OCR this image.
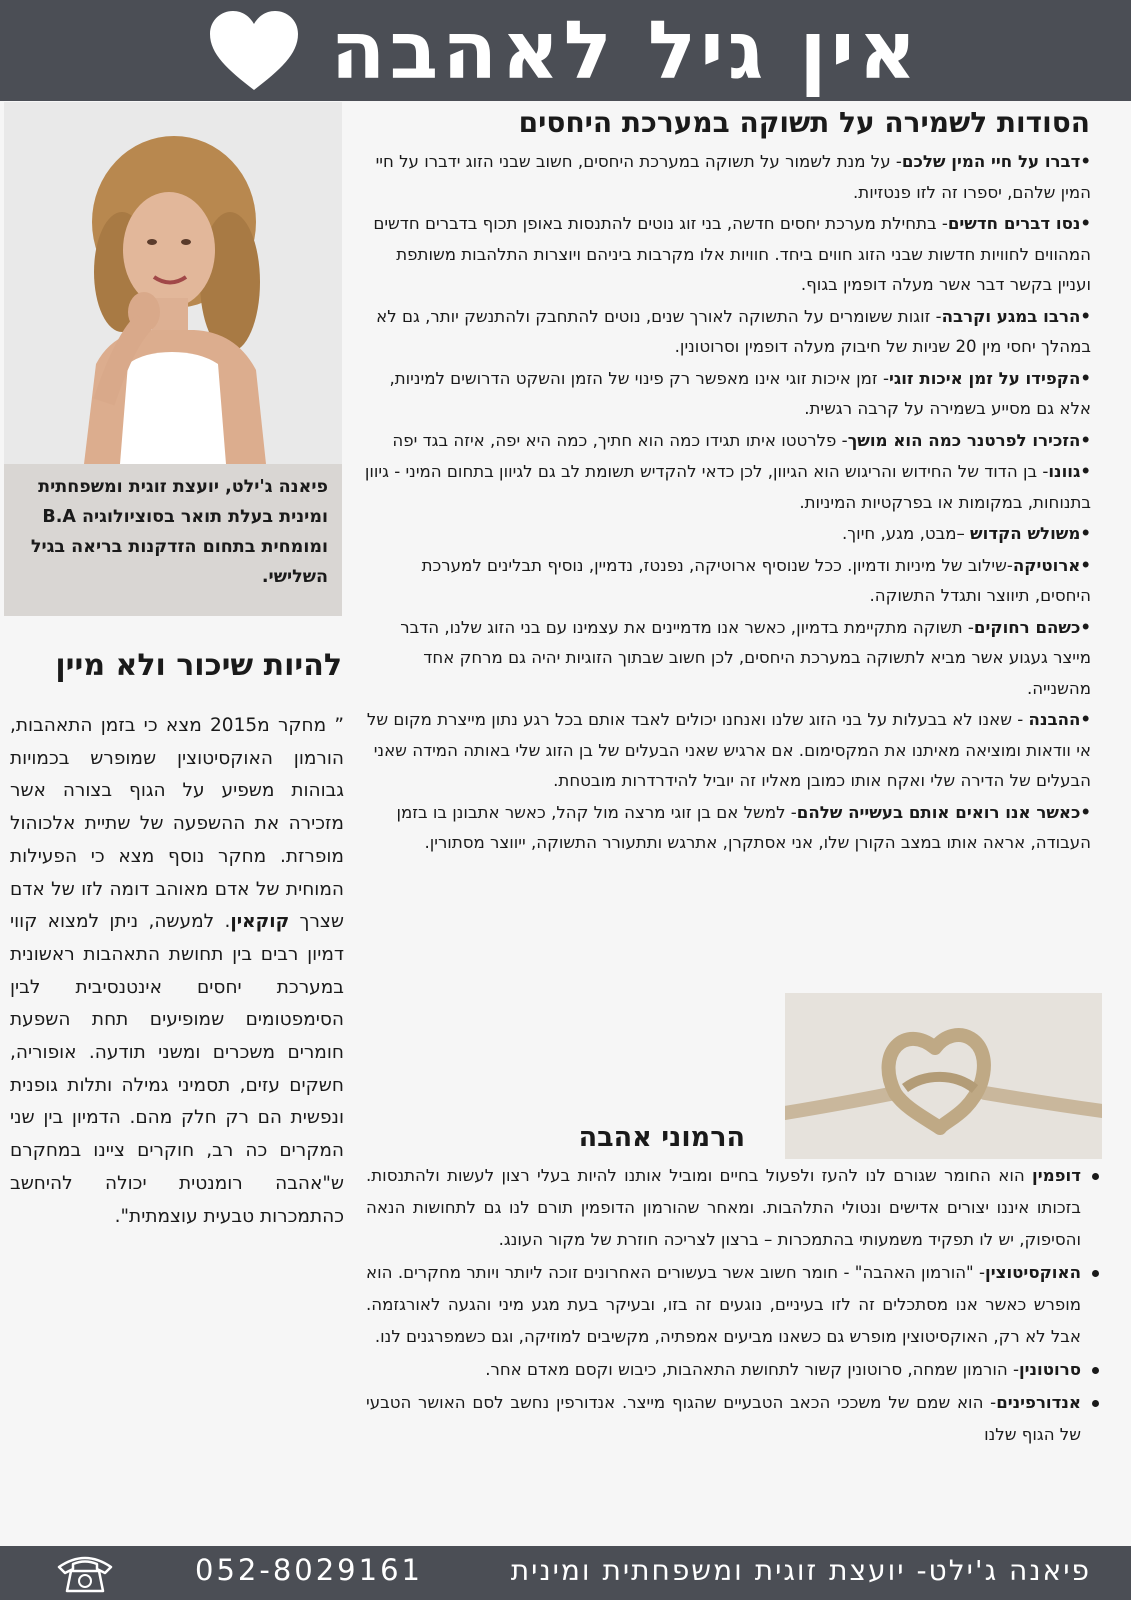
אין גיל לאהבה
פיאנה ג'ילט, יועצת זוגית ומשפחתית ומינית בעלת תואר בסוציולוגיה B.A ומומחית בתחום הזדקנות בריאה בגיל השלישי.
להיות שיכור ולא מיין
” מחקר מ2015 מצא כי בזמן התאהבות, הורמון האוקסיטוצין שמופרש בכמויות גבוהות משפיע על הגוף בצורה אשר מזכירה את ההשפעה של שתיית אלכוהול מופרזת. מחקר נוסף מצא כי הפעילות המוחית של אדם מאוהב דומה לזו של אדם שצרך קוקאין. למעשה, ניתן למצוא קווי דמיון רבים בין תחושת התאהבות ראשונית במערכת יחסים אינטנסיבית לבין הסימפטומים שמופיעים תחת השפעת חומרים משכרים ומשני תודעה. אופוריה, חשקים עזים, תסמיני גמילה ותלות גופנית ונפשית הם רק חלק מהם. הדמיון בין שני המקרים כה רב, חוקרים ציינו במחקרם ש"אהבה רומנטית יכולה להיחשב כהתמכרות טבעית עוצמתית".
הסודות לשמירה על תשוקה במערכת היחסים

•דברו על חיי המין שלכם- על מנת לשמור על תשוקה במערכת היחסים, חשוב שבני הזוג ידברו על חיי המין שלהם, יספרו זה לזו פנטזיות.

•נסו דברים חדשים- בתחילת מערכת יחסים חדשה, בני זוג נוטים להתנסות באופן תכוף בדברים חדשים המהווים לחוויות חדשות שבני הזוג חווים ביחד. חוויות אלו מקרבות ביניהם ויוצרות התלהבות משותפת ועניין בקשר דבר אשר מעלה דופמין בגוף.

•הרבו במגע וקרבה- זוגות ששומרים על התשוקה לאורך שנים, נוטים להתחבק ולהתנשק יותר, גם לא במהלך יחסי מין 20 שניות של חיבוק מעלה דופמין וסרוטונין.

•הקפידו על זמן איכות זוגי- זמן איכות זוגי אינו מאפשר רק פינוי של הזמן והשקט הדרושים למיניות, אלא גם מסייע בשמירה על קרבה רגשית.

•הזכירו לפרטנר כמה הוא מושך- פלרטטו איתו תגידו כמה הוא חתיך, כמה היא יפה, איזה בגד יפה

•גוונו- בן הדוד של החידוש והריגוש הוא הגיוון, לכן כדאי להקדיש תשומת לב גם לגיוון בתחום המיני - גיוון בתנוחות, במקומות או בפרקטיות המיניות.

•משולש הקדוש –מבט, מגע, חיוך.

•ארוטיקה-שילוב של מיניות ודמיון. ככל שנוסיף ארוטיקה, נפנטז, נדמיין, נוסיף תבלינים למערכת היחסים, תיווצר ותגדל התשוקה.

•כשהם רחוקים- תשוקה מתקיימת בדמיון, כאשר אנו מדמיינים את עצמינו עם בני הזוג שלנו, הדבר מייצר געגוע אשר מביא לתשוקה במערכת היחסים, לכן חשוב שבתוך הזוגיות יהיה גם מרחק אחד מהשנייה.

•ההבנה - שאנו לא בבעלות על בני הזוג שלנו ואנחנו יכולים לאבד אותם בכל רגע נתון מייצרת מקום של אי וודאות ומוציאה מאיתנו את המקסימום. אם ארגיש שאני הבעלים של בן הזוג שלי באותה המידה שאני הבעלים של הדירה שלי ואקח אותו כמובן מאליו זה יוביל להידרדרות מובטחת.

•כאשר אנו רואים אותם בעשייה שלהם- למשל אם בן זוגי מרצה מול קהל, כאשר אתבונן בו בזמן העבודה, אראה אותו במצב הקורן שלו, אני אסתקרן, אתרגש ותתעורר התשוקה, ייווצר מסתורין.

הרמוני אהבה
דופמין הוא החומר שגורם לנו להעז ולפעול בחיים ומוביל אותנו להיות בעלי רצון לעשות ולהתנסות. בזכותו איננו יצורים אדישים ונטולי התלהבות. ומאחר שהורמון הדופמין תורם לנו גם לתחושות הנאה והסיפוק, יש לו תפקיד משמעותי בהתמכרות – ברצון לצריכה חוזרת של מקור העונג.
האוקסיטוצין- "הורמון האהבה" - חומר חשוב אשר בעשורים האחרונים זוכה ליותר ויותר מחקרים. הוא מופרש כאשר אנו מסתכלים זה לזו בעיניים, נוגעים זה בזו, ובעיקר בעת מגע מיני והגעה לאורגזמה. אבל לא רק, האוקסיטוצין מופרש גם כשאנו מביעים אמפתיה, מקשיבים למוזיקה, וגם כשמפרגנים לנו.
סרוטונין- הורמון שמחה, סרוטונין קשור לתחושת התאהבות, כיבוש וקסם מאדם אחר.
אנדורפינים- הוא שמם של משככי הכאב הטבעיים שהגוף מייצר. אנדורפין נחשב לסם האושר הטבעי של הגוף שלנו
052-8029161	פיאנה ג'ילט- יועצת זוגית ומשפחתית ומינית
